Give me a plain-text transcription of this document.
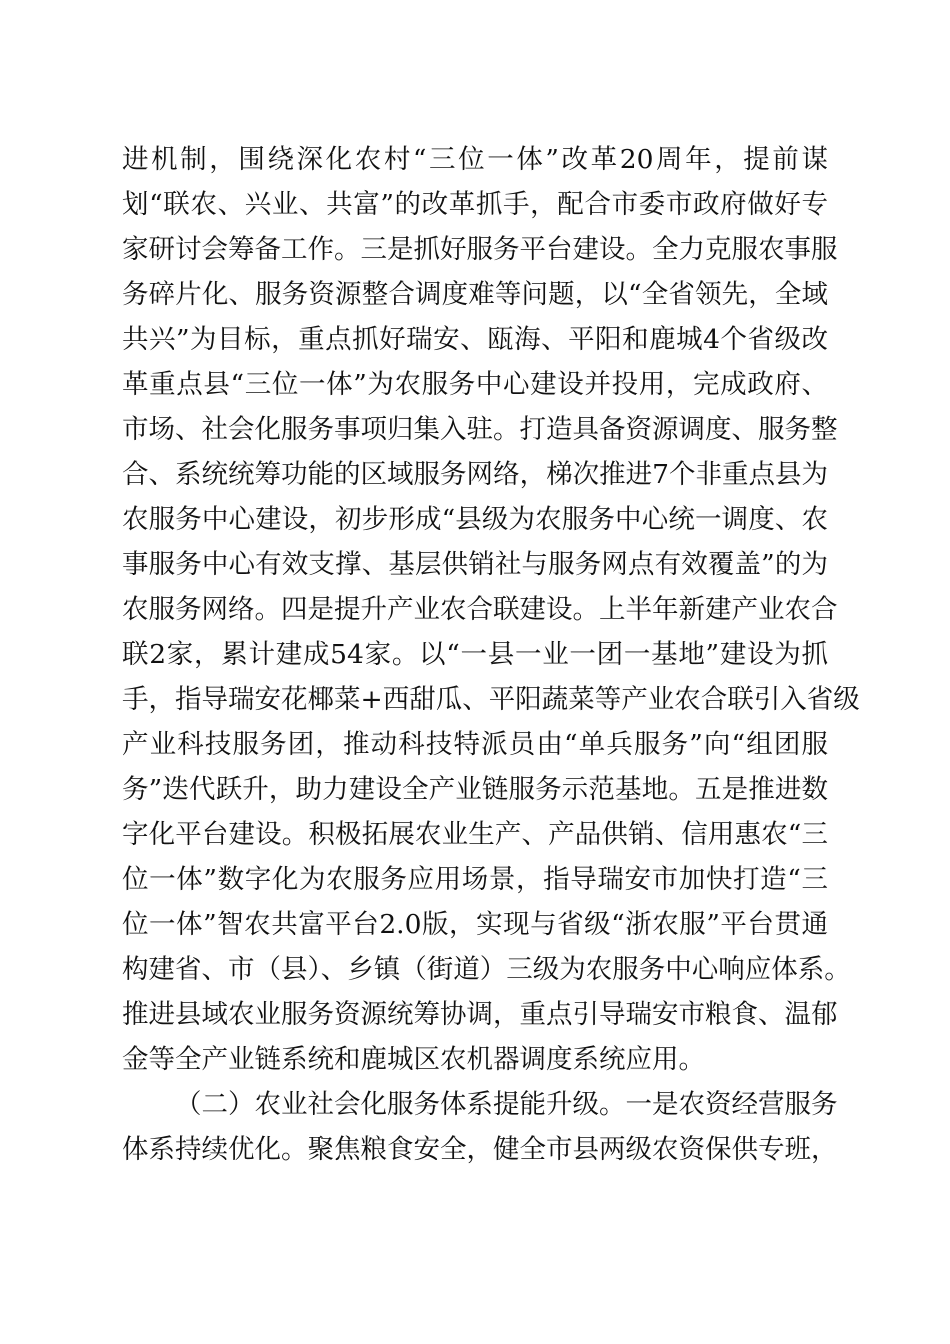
进机制，围绕深化农村“三位一体”改革20周年，提前谋
划“联农、兴业、共富”的改革抓手，配合市委市政府做好专
家研讨会筹备工作。三是抓好服务平台建设。全力克服农事服
务碎片化、服务资源整合调度难等问题，以“全省领先，全域
共兴”为目标，重点抓好瑞安、瓯海、平阳和鹿城4个省级改
革重点县“三位一体”为农服务中心建设并投用，完成政府、
市场、社会化服务事项归集入驻。打造具备资源调度、服务整
合、系统统筹功能的区域服务网络，梯次推进7个非重点县为
农服务中心建设，初步形成“县级为农服务中心统一调度、农
事服务中心有效支撑、基层供销社与服务网点有效覆盖”的为
农服务网络。四是提升产业农合联建设。上半年新建产业农合
联2家，累计建成54家。以“一县一业一团一基地”建设为抓
手，指导瑞安花椰菜+西甜瓜、平阳蔬菜等产业农合联引入省级
产业科技服务团，推动科技特派员由“单兵服务”向“组团服
务”迭代跃升，助力建设全产业链服务示范基地。五是推进数
字化平台建设。积极拓展农业生产、产品供销、信用惠农“三
位一体”数字化为农服务应用场景，指导瑞安市加快打造“三
位一体”智农共富平台2.0版，实现与省级“浙农服”平台贯通
构建省、市（县）、乡镇（街道）三级为农服务中心响应体系。
推进县域农业服务资源统筹协调，重点引导瑞安市粮食、温郁
金等全产业链系统和鹿城区农机器调度系统应用。
（二）农业社会化服务体系提能升级。一是农资经营服务
体系持续优化。聚焦粮食安全，健全市县两级农资保供专班，
